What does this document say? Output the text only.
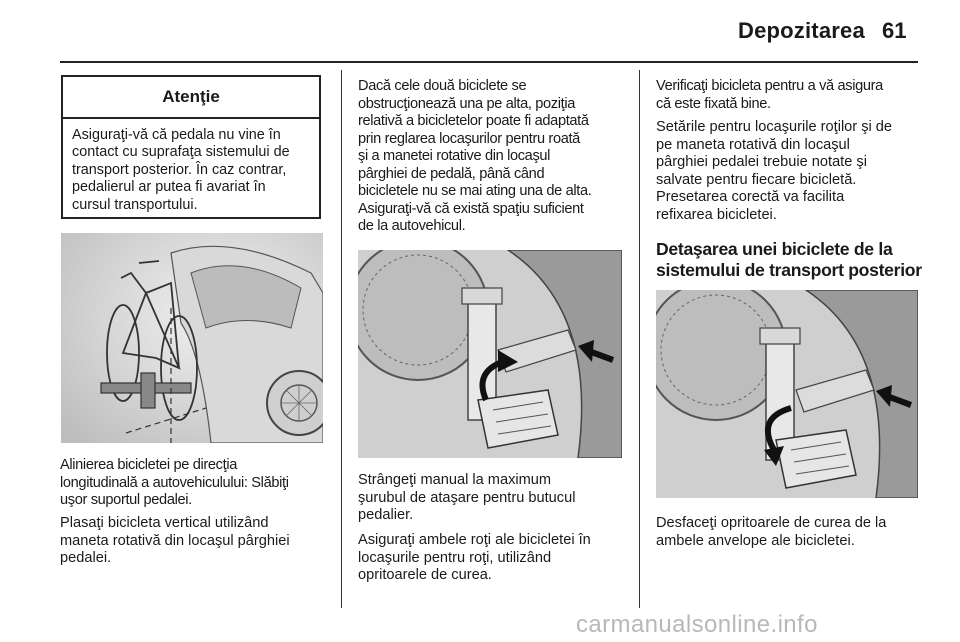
Depozitarea 61
Atenţie
Asiguraţi-vă că pedala nu vine în
contact cu suprafaţa sistemului de
transport posterior. În caz contrar,
pedalierul ar putea fi avariat în
cursul transportului.

Alinierea bicicletei pe direcţia
longitudinală a autovehiculului: Slăbiţi
uşor suportul pedalei.

Plasaţi bicicleta vertical utilizând
maneta rotativă din locaşul pârghiei
pedalei.

Dacă cele două biciclete se
obstrucţionează una pe alta, poziţia
relativă a bicicletelor poate fi adaptată
prin reglarea locaşurilor pentru roată
şi a manetei rotative din locaşul
pârghiei de pedală, până când
bicicletele nu se mai ating una de alta.
Asiguraţi-vă că există spaţiu suficient
de la autovehicul.

Strângeţi manual la maximum
şurubul de ataşare pentru butucul
pedalier.

Asiguraţi ambele roţi ale bicicletei în
locaşurile pentru roţi, utilizând
opritoarele de curea.

Verificaţi bicicleta pentru a vă asigura
că este fixată bine.

Setările pentru locaşurile roţilor şi de
pe maneta rotativă din locaşul
pârghiei pedalei trebuie notate şi
salvate pentru fiecare bicicletă.
Presetarea corectă va facilita
refixarea bicicletei.

Detaşarea unei biciclete de la
sistemului de transport posterior

Desfaceţi opritoarele de curea de la
ambele anvelope ale bicicletei.

carmanualsonline.info
